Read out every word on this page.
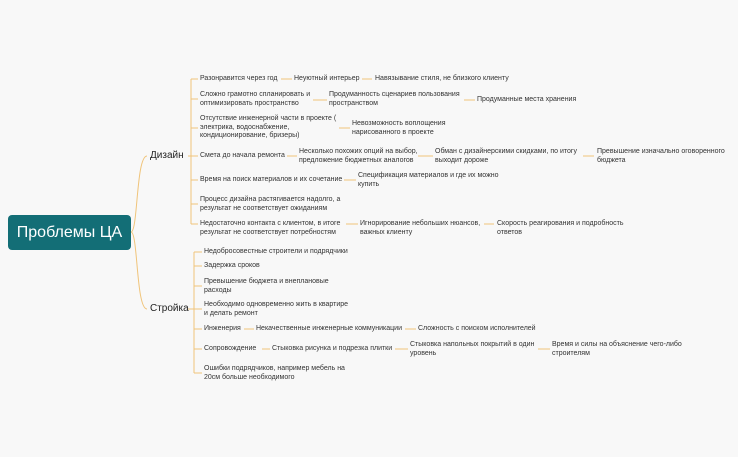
Проблемы ЦА
Дизайн
Разонравится через год Неуютный интерьер Навязывание стиля, не близкого клиенту
Сложно грамотно спланировать и
оптимизировать пространство
Продуманность сценариев пользования
пространством	Продуманные места хранения
Отсутствие инженерной части в проекте (
электрика, водоснабжение,
кондиционирование, бризеры)
Невозможность воплощения
нарисованного в проекте
Смета до начала ремонта
Несколько похожих опций на выбор,
предложение бюджетных аналогов
Обман с дизайнерскими скидками, по итогу
выходит дороже
Превышение изначально оговоренного
бюджета
Время на поиск материалов и их сочетание
Спецификация материалов и где их можно
купить
Процесс дизайна растягивается надолго, а
результат не соответствует ожиданиям
Недостаточно контакта с клиентом, в итоге
результат не соответствует потребностям
Игнорирование небольших нюансов,
важных клиенту
Скорость реагирования и подробность
ответов
Стройка
Недобросовестные строители и подрядчики
Задержка сроков
Превышение бюджета и внеплановые
расходы
Необходимо одновременно жить в квартире
и делать ремонт
Инженерия Некачественные инженерные коммуникации Сложность с поиском исполнителей
Сопровождение Стыковка рисунка и подрезка плитки
Стыковка напольных покрытий в один
уровень
Время и силы на объяснение чего-либо
строителям
Ошибки подрядчиков, например мебель на
20см больше необходимого
